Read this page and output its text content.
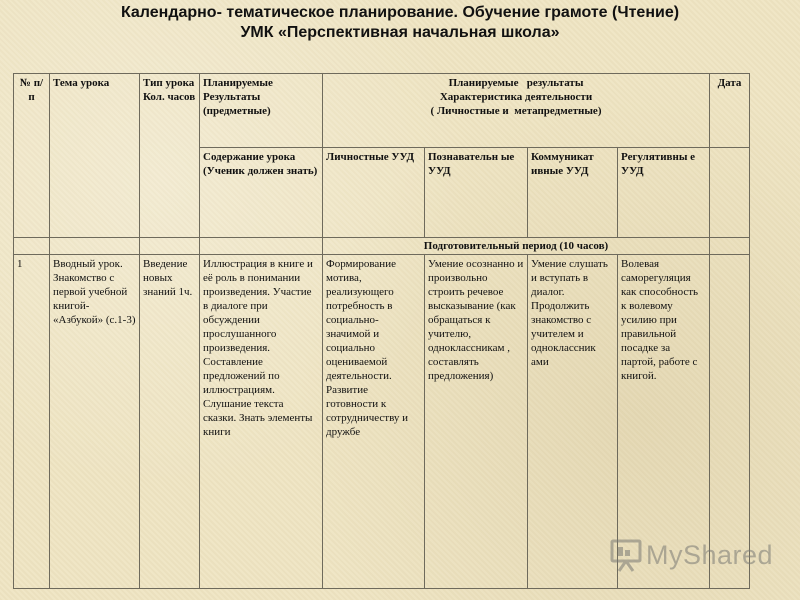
Календарно- тематическое планирование. Обучение грамоте (Чтение)
УМК «Перспективная начальная школа»
№ п/п	Тема урока	Тип урока Кол. часов	Планируемые Результаты (предметные)	Планируемые   результаты
Характеристика деятельности
( Личностные и  метапредметные)				Дата
			Содержание урока (Ученик должен знать)	Личностные УУД	Познавательн ые УУД	Коммуникат ивные УУД	Регулятивны е УУД	
				Подготовительный период (10 часов)				
1	Вводный урок. Знакомство с первой учебной книгой- «Азбукой» (с.1-3)	Введение новых знаний 1ч.	Иллюстрация в книге и её роль в понимании произведения. Участие в диалоге при обсуждении прослушанного произведения. Составление предложений по иллюстрациям. Слушание текста сказки. Знать элементы книги	Формирование мотива, реализующего потребность в социально-значимой и социально оцениваемой деятельности. Развитие готовности к сотрудничеству и дружбе	Умение осознанно и произвольно строить речевое высказывание (как обращаться к учителю, одноклассникам , составлять предложения)	Умение слушать и вступать в диалог. Продолжить знакомство с учителем и одноклассник ами	Волевая саморегуляция как способность к волевому усилию при правильной посадке за партой, работе с книгой.	
MyShared
